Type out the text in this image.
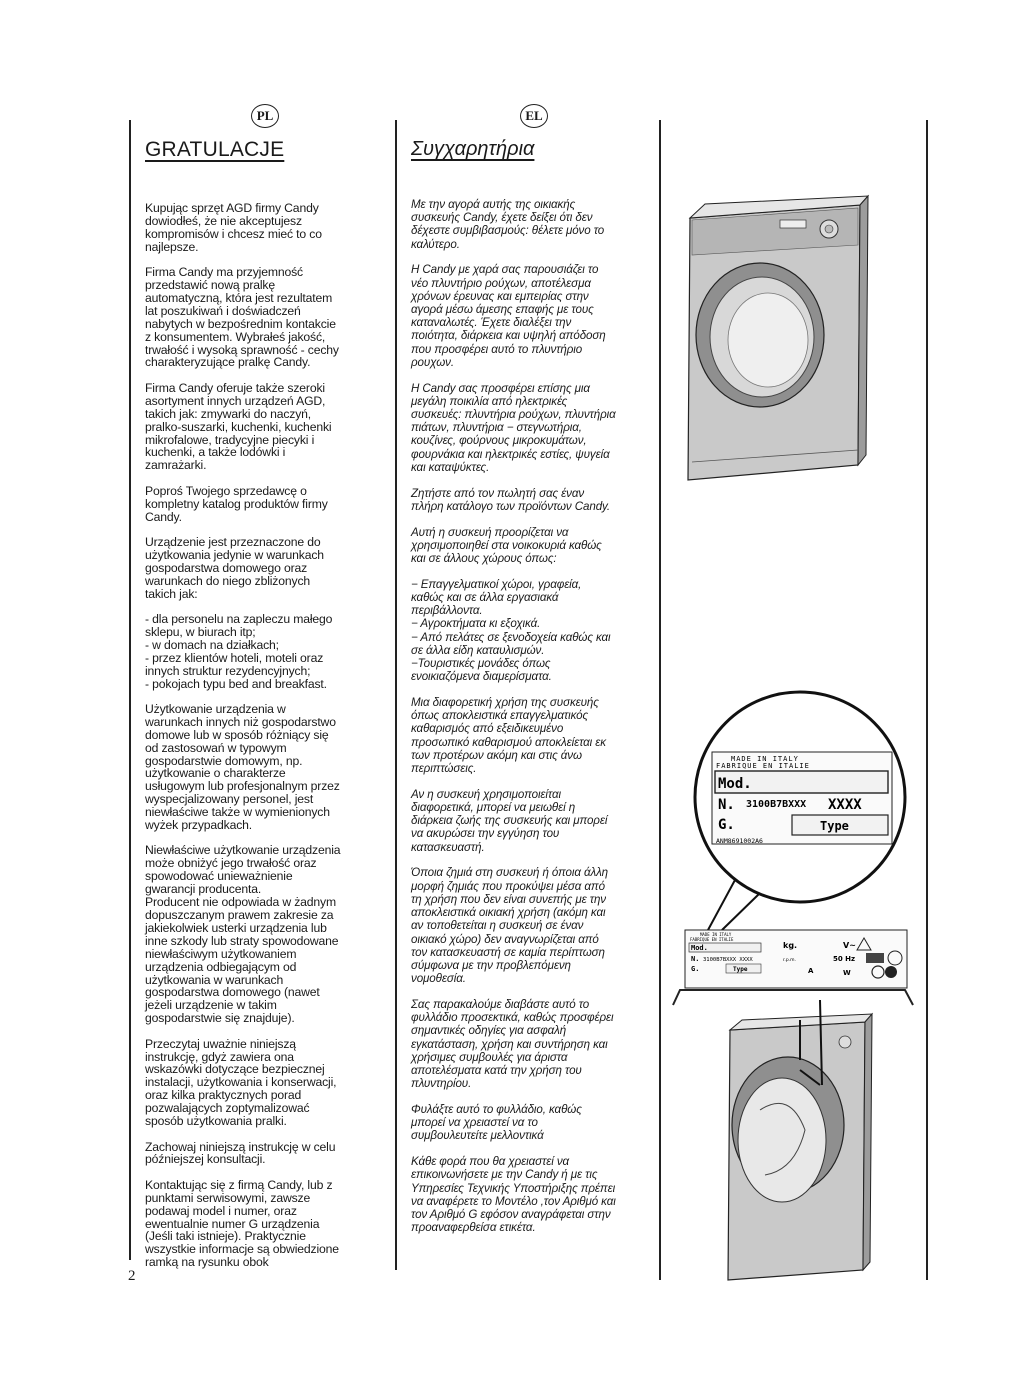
PL	EL
GRATULACJE

Kupując sprzęt AGD firmy Candy
dowiodłeś, że nie akceptujesz
kompromisów i chcesz mieć to co
najlepsze.

Firma Candy ma przyjemność
przedstawić nową pralkę
automatyczną, która jest rezultatem
lat poszukiwań i doświadczeń
nabytych w bezpośrednim kontakcie
z konsumentem. Wybrałeś jakość,
trwałość i wysoką sprawność - cechy
charakteryzujące pralkę Candy.

Firma Candy oferuje także szeroki
asortyment innych urządzeń AGD,
takich jak: zmywarki do naczyń,
pralko-suszarki, kuchenki, kuchenki
mikrofalowe, tradycyjne piecyki i
kuchenki, a także lodówki i
zamrażarki.

Poproś Twojego sprzedawcę o
kompletny katalog produktów firmy
Candy.

Urządzenie jest przeznaczone do
użytkowania jedynie w warunkach
gospodarstwa domowego oraz
warunkach do niego zbliżonych
takich jak:

- dla personelu na zapleczu małego
sklepu, w biurach itp;
- w domach na działkach;
- przez klientów hoteli, moteli oraz
innych struktur rezydencyjnych;
- pokojach typu bed and breakfast.

Użytkowanie urządzenia w
warunkach innych niż gospodarstwo
domowe lub w sposób różniący się
od zastosowań w typowym
gospodarstwie domowym, np.
użytkowanie o charakterze
usługowym lub profesjonalnym przez
wyspecjalizowany personel, jest
niewłaściwe także w wymienionych
wyżek przypadkach.

Niewłaściwe użytkowanie urządzenia
może obniżyć jego trwałość oraz
spowodować unieważnienie
gwarancji producenta.
Producent nie odpowiada w żadnym
dopuszczanym prawem zakresie za
jakiekolwiek usterki urządzenia lub
inne szkody lub straty spowodowane
niewłaściwym użytkowaniem
urządzenia odbiegającym od
użytkowania w warunkach
gospodarstwa domowego (nawet
jeżeli urządzenie w takim
gospodarstwie się znajduje).

Przeczytaj uważnie niniejszą
instrukcję, gdyż zawiera ona
wskazówki dotyczące bezpiecznej
instalacji, użytkowania i konserwacji,
oraz kilka praktycznych porad
pozwalających zoptymalizować
sposób użytkowania pralki.

Zachowaj niniejszą instrukcję w celu
późniejszej konsultacji.

Kontaktując się z firmą Candy, lub z
punktami serwisowymi, zawsze
podawaj model i numer, oraz
ewentualnie numer G urządzenia
(Jeśli taki istnieje). Praktycznie
wszystkie informacje są obwiedzione
ramką na rysunku obok

Συγχαρητήρια

Με την αγορά αυτής της οικιακής
συσκευής Candy, έχετε δείξει ότι δεν
δέχεστε συμβιβασμούς: θέλετε μόνο το
καλύτερο.

H Candy με χαρά σας παρουσιάζει το
νέο πλυντήριο ρούχων, αποτέλεσμα
χρόνων έρευνας και εμπειρίας στην
αγορά μέσω άμεσης επαφής με τους
καταναλωτές. Έχετε διαλέξει την
ποιότητα, διάρκεια και υψηλή απόδοση
που προσφέρει αυτό το πλυντήριο
ρουχων.

H Candy σας προσφέρει επίσης μια
μεγάλη ποικιλία από ηλεκτρικές
συσκευές: πλυντήρια ρούχων, πλυντήρια
πιάτων, πλυντήρια − στεγνωτήρια,
κουζίνες, φούρνους μικροκυμάτων,
φουρνάκια και ηλεκτρικές εστίες, ψυγεία
και καταψύκτες.

Ζητήστε από τον πωλητή σας έναν
πλήρη κατάλογο των προϊόντων Candy.

Aυτή η συσκευή προορίζεται να
χρησιμοποιηθεί στα νοικοκυριά καθώς
και σε άλλους χώρους όπως:

− Επαγγελματικοί χώροι, γραφεία,
καθώς και σε άλλα εργασιακά
περιβάλλοντα.
− Αγροκτήματα κι εξοχικά.
− Από πελάτες σε ξενοδοχεία καθώς και
σε άλλα είδη καταυλισμών.
−Τουριστικές μονάδες όπως
ενοικιαζόμενα διαμερίσματα.

Μια διαφορετική χρήση της συσκευής
όπως αποκλειστικά επαγγελματικός
καθαρισμός από εξειδικευμένο
προσωπικό καθαρισμού αποκλείεται εκ
των προτέρων ακόμη και στις άνω
περιπτώσεις.

Αν η συσκευή χρησιμοποιείται
διαφορετικά, μπορεί να μειωθεί η
διάρκεια ζωής της συσκευής και μπορεί
να ακυρώσει την εγγύηση του
κατασκευαστή.

Όποια ζημιά στη συσκευή ή όποια άλλη
μορφή ζημιάς που προκύψει μέσα από
τη χρήση που δεν είναι συνεπής με την
αποκλειστικά οικιακή χρήση (ακόμη και
αν τοποθετείται η συσκευή σε έναν
οικιακό χώρο) δεν αναγνωρίζεται από
τον κατασκευαστή σε καμία περίπτωση
σύμφωνα με την προβλεπόμενη
νομοθεσία.

Σας παρακαλούμε διαβάστε αυτό το
φυλλάδιο προσεκτικά, καθώς προσφέρει
σημαντικές οδηγίες για ασφαλή
εγκατάσταση, χρήση και συντήρηση και
χρήσιμες συμβουλές για άριστα
αποτελέσματα κατά την χρήση του
πλυντηρίου.

Φυλάξτε αυτό το φυλλάδιο, καθώς
μπορεί να χρειαστεί να το
συμβουλευτείτε μελλοντικά

Κάθε φορά που θα χρειαστεί να
επικοινωνήσετε με την Candy ή με τις
Υπηρεσίες Τεχνικής Υποστήριξης πρέπει
να αναφέρετε το Μοντέλο ,τον Αριθμό και
τον Αριθμό G εφόσον αναγράφεται στην
προαναφερθείσα ετικέτα.

MADE IN ITALY
FABRIQUE EN ITALIE
Mod.
N. 3100B7BXXX XXXX
G.	Type
ANM8691002A6
MADE IN ITALY
FABRIQUE EN ITALIE
Mod.
N. 3100B7BXXX XXXX
G.	Type
kg.	V~
50 Hz
r.p.m.
A	W
2
